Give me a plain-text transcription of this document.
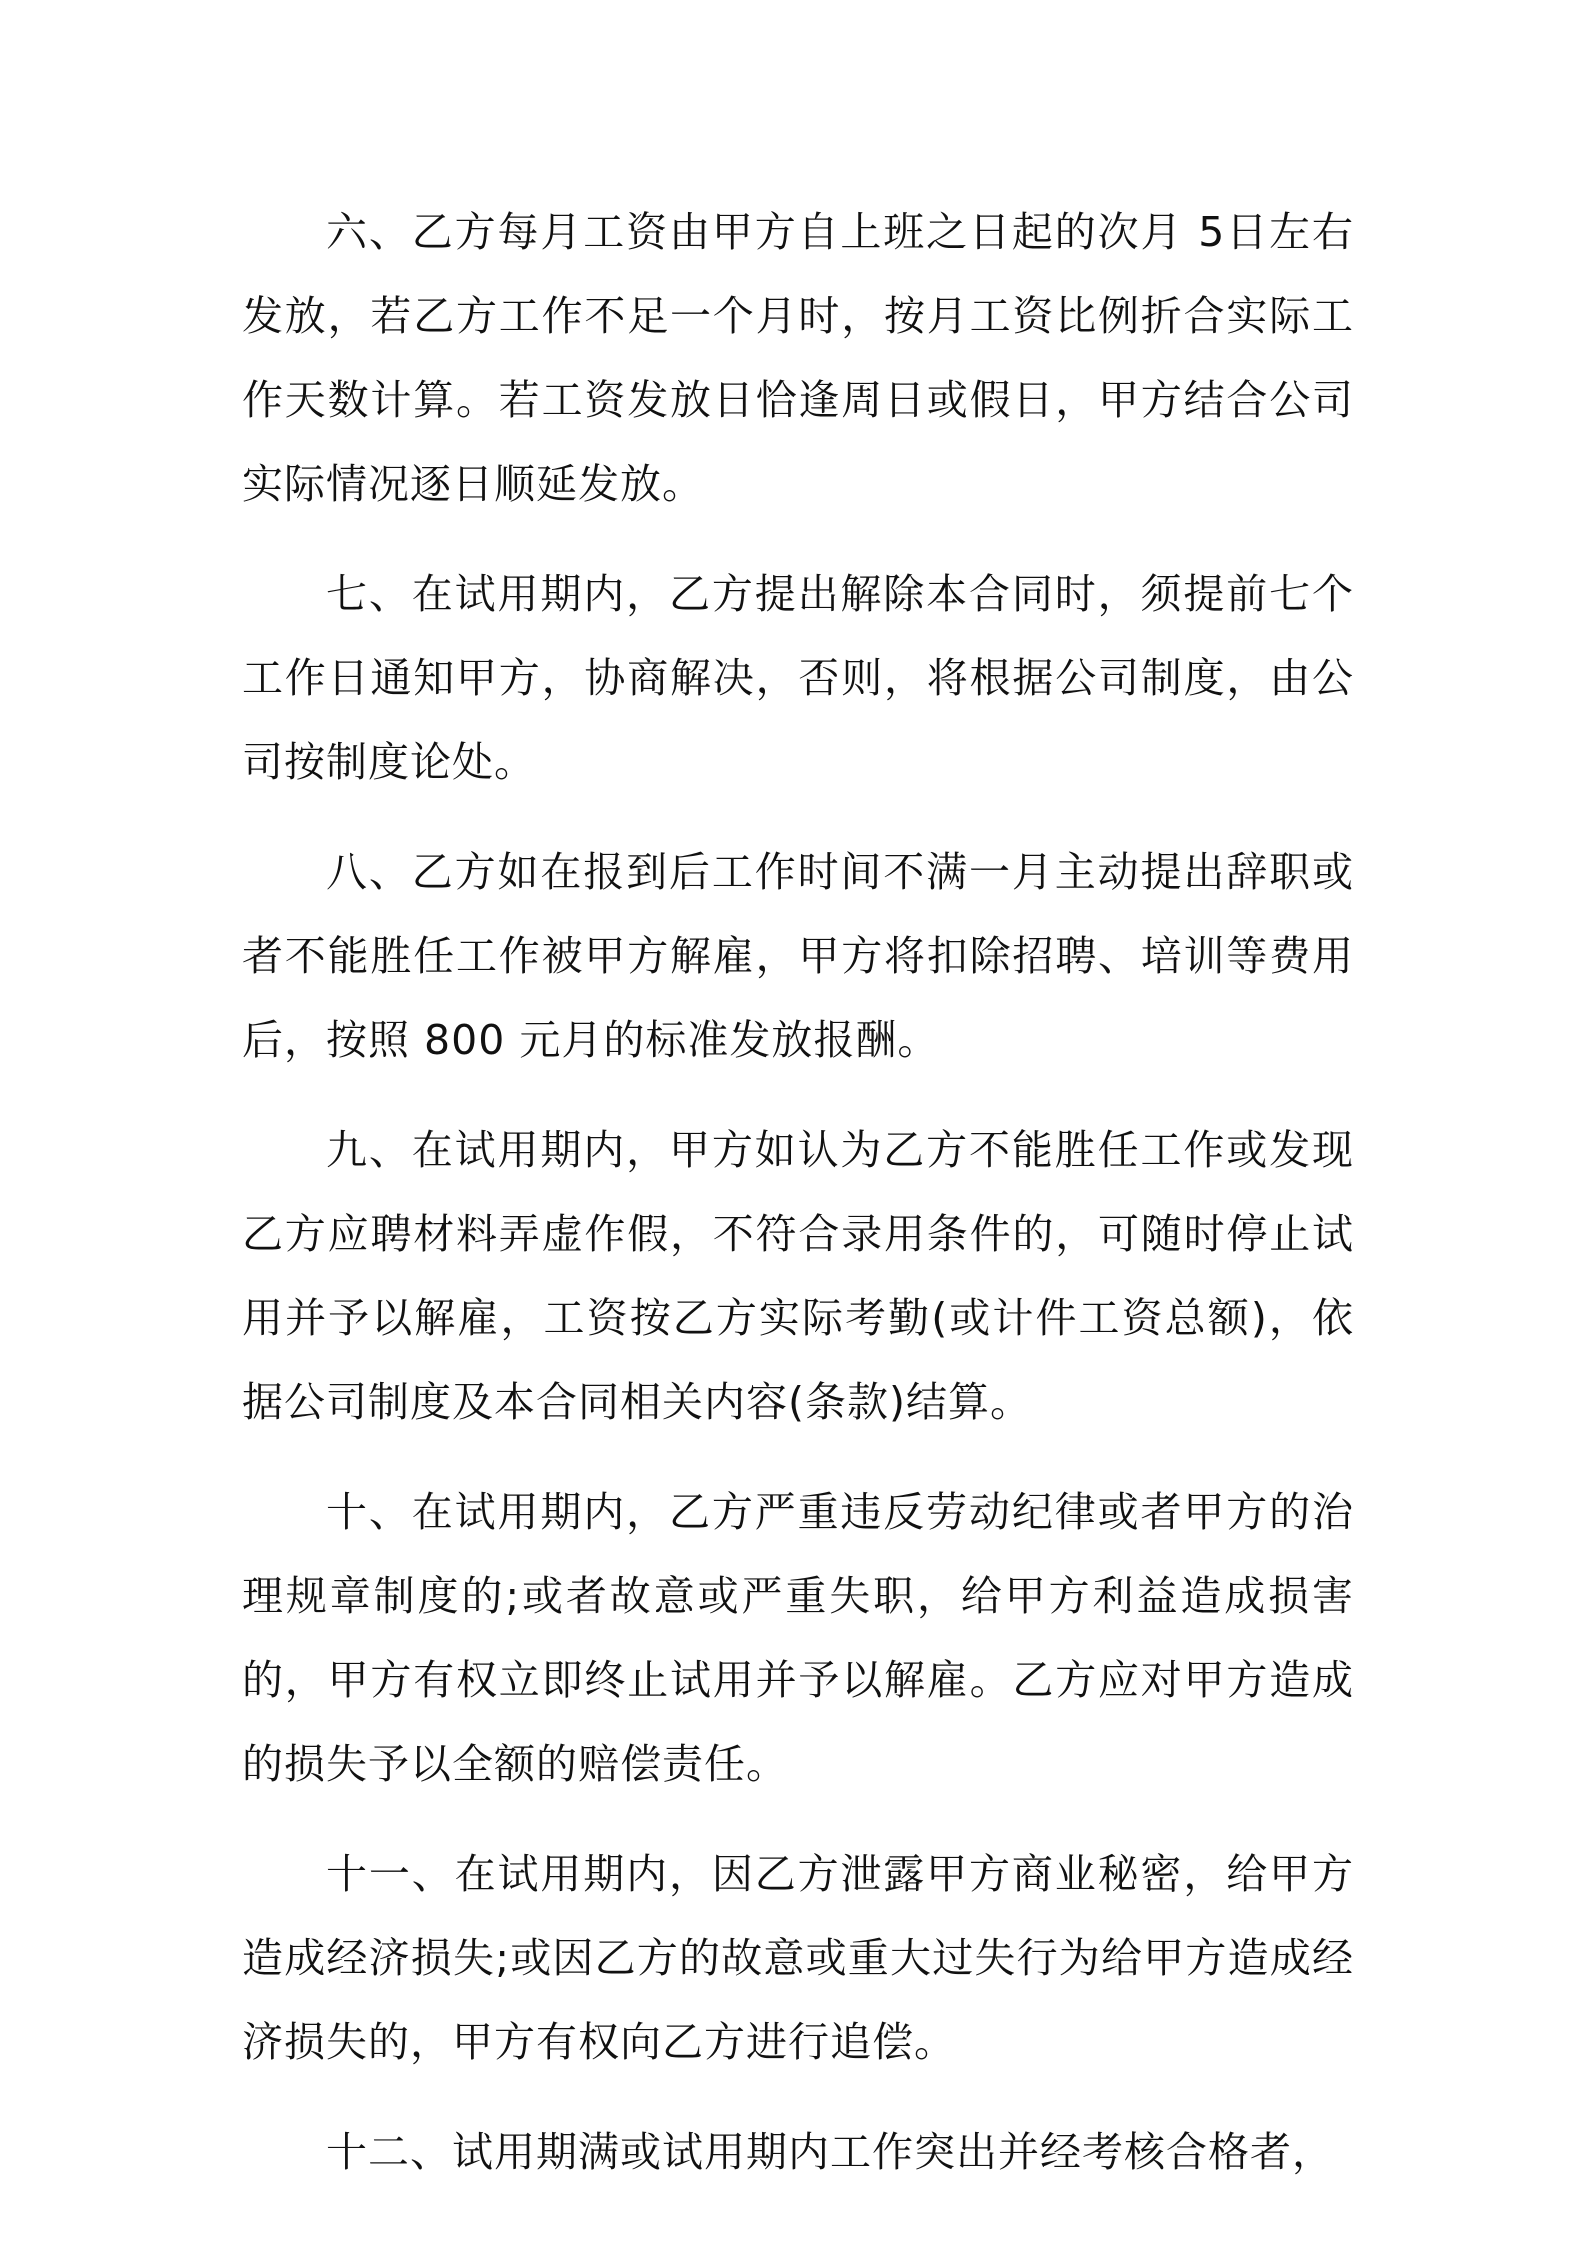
六、乙方每月工资由甲方自上班之日起的次月 5日左右发放，若乙方工作不足一个月时，按月工资比例折合实际工作天数计算。若工资发放日恰逢周日或假日，甲方结合公司实际情况逐日顺延发放。

七、在试用期内，乙方提出解除本合同时，须提前七个工作日通知甲方，协商解决，否则，将根据公司制度，由公司按制度论处。

八、乙方如在报到后工作时间不满一月主动提出辞职或者不能胜任工作被甲方解雇，甲方将扣除招聘、培训等费用后，按照 800 元月的标准发放报酬。

九、在试用期内，甲方如认为乙方不能胜任工作或发现乙方应聘材料弄虚作假，不符合录用条件的，可随时停止试用并予以解雇，工资按乙方实际考勤(或计件工资总额)，依据公司制度及本合同相关内容(条款)结算。

十、在试用期内，乙方严重违反劳动纪律或者甲方的治理规章制度的;或者故意或严重失职，给甲方利益造成损害的，甲方有权立即终止试用并予以解雇。乙方应对甲方造成的损失予以全额的赔偿责任。

十一、在试用期内，因乙方泄露甲方商业秘密，给甲方造成经济损失;或因乙方的故意或重大过失行为给甲方造成经济损失的，甲方有权向乙方进行追偿。

十二、试用期满或试用期内工作突出并经考核合格者，
